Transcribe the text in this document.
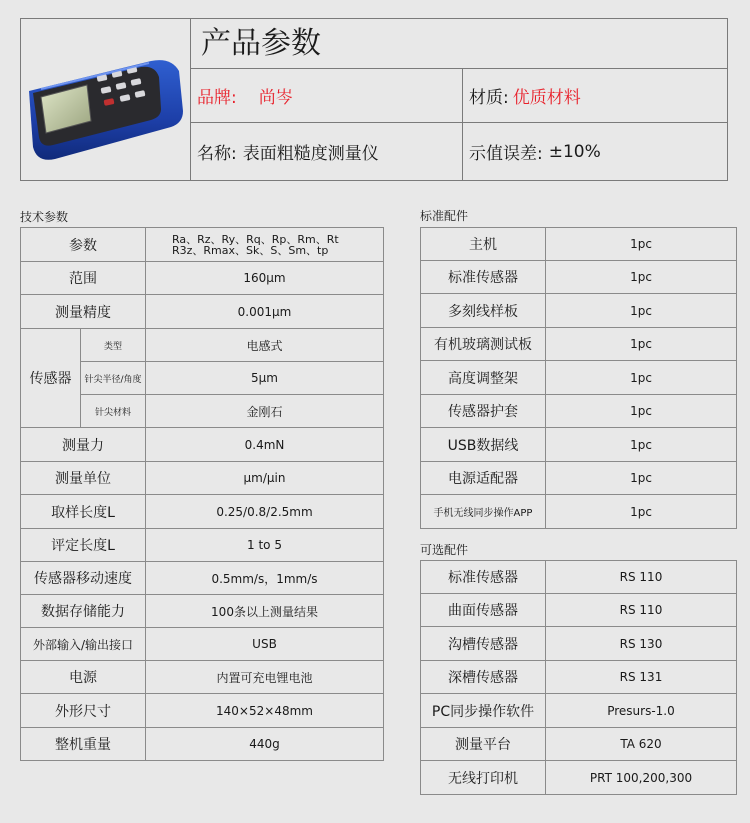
产品参数
品牌: 尚岑	材质: 优质材料
名称: 表面粗糙度测量仪	示值误差: ±10%
技术参数
参数		Ra、Rz、Ry、Rq、Rp、Rm、Rt
R3z、Rmax、Sk、S、Sm、tp

范围		160μm
测量精度		0.001μm
传感器	类型	电感式
	针尖半径/角度	5μm
	针尖材料	金刚石
测量力		0.4mN
测量单位		μm/μin
取样长度L		0.25/0.8/2.5mm
评定长度L		1 to 5
传感器移动速度		0.5mm/s，1mm/s
数据存储能力		100条以上测量结果
外部输入/输出接口		USB
电源		内置可充电锂电池
外形尺寸		140×52×48mm
整机重量		440g
标准配件
主机	1pc
标准传感器	1pc
多刻线样板	1pc
有机玻璃测试板	1pc
高度调整架	1pc
传感器护套	1pc
USB数据线	1pc
电源适配器	1pc
手机无线同步操作APP	1pc
可选配件
标准传感器	RS 110
曲面传感器	RS 110
沟槽传感器	RS 130
深槽传感器	RS 131
PC同步操作软件	Presurs-1.0
测量平台	TA 620
无线打印机	PRT 100,200,300
